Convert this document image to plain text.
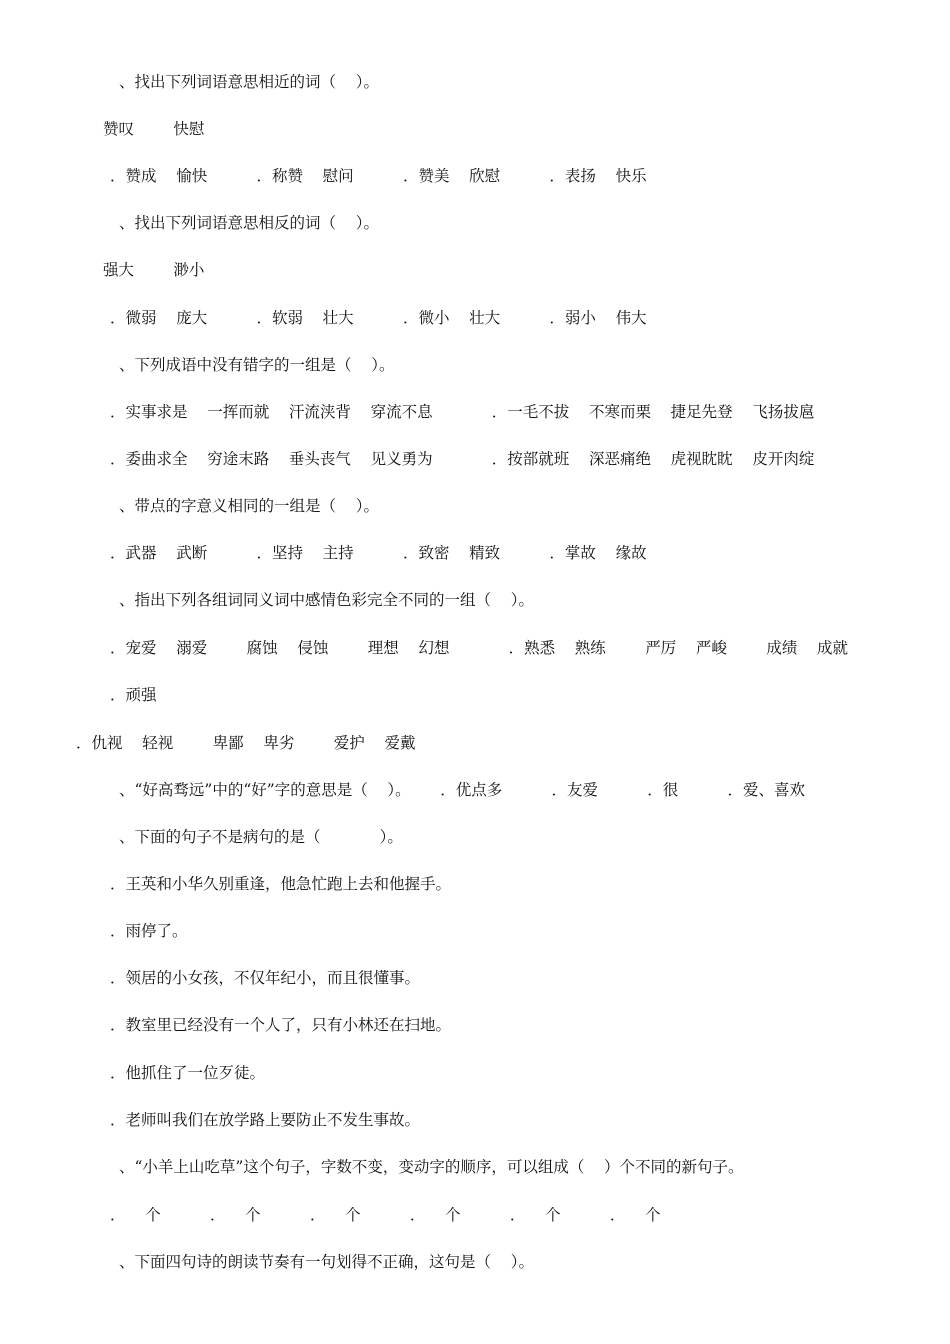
、找出下列词语意思相近的词（    ）。
赞叹        快慰
．赞成    愉快          ．称赞    慰问          ．赞美    欣慰          ．表扬    快乐
、找出下列词语意思相反的词（    ）。
强大        渺小
．微弱    庞大          ．软弱    壮大          ．微小    壮大          ．弱小    伟大
、下列成语中没有错字的一组是（    ）。
．实事求是    一挥而就    汗流浃背    穿流不息            ．一毛不拔    不寒而栗    捷足先登    飞扬拔扈
．委曲求全    穷途末路    垂头丧气    见义勇为            ．按部就班    深恶痛绝    虎视眈眈    皮开肉绽
、带点的字意义相同的一组是（    ）。
．武器    武断          ．坚持    主持          ．致密    精致          ．掌故    缘故
、指出下列各组词同义词中感情色彩完全不同的一组（    ）。
．宠爱    溺爱        腐蚀    侵蚀        理想    幻想            ．熟悉    熟练        严厉    严峻        成绩    成就
．顽强
．仇视    轻视        卑鄙    卑劣        爱护    爱戴
、“好高骛远”中的“好”字的意思是（    ）。      ．优点多          ．友爱          ．很          ．爱、喜欢
、下面的句子不是病句的是（            ）。
．王英和小华久别重逢，他急忙跑上去和他握手。
．雨停了。
．领居的小女孩，不仅年纪小，而且很懂事。
．教室里已经没有一个人了，只有小林还在扫地。
．他抓住了一位歹徒。
．老师叫我们在放学路上要防止不发生事故。
、“小羊上山吃草”这个句子，字数不变，变动字的顺序，可以组成（    ）个不同的新句子。
．    个          ．    个          ．    个          ．    个          ．    个          ．    个
、下面四句诗的朗读节奏有一句划得不正确，这句是（    ）。
